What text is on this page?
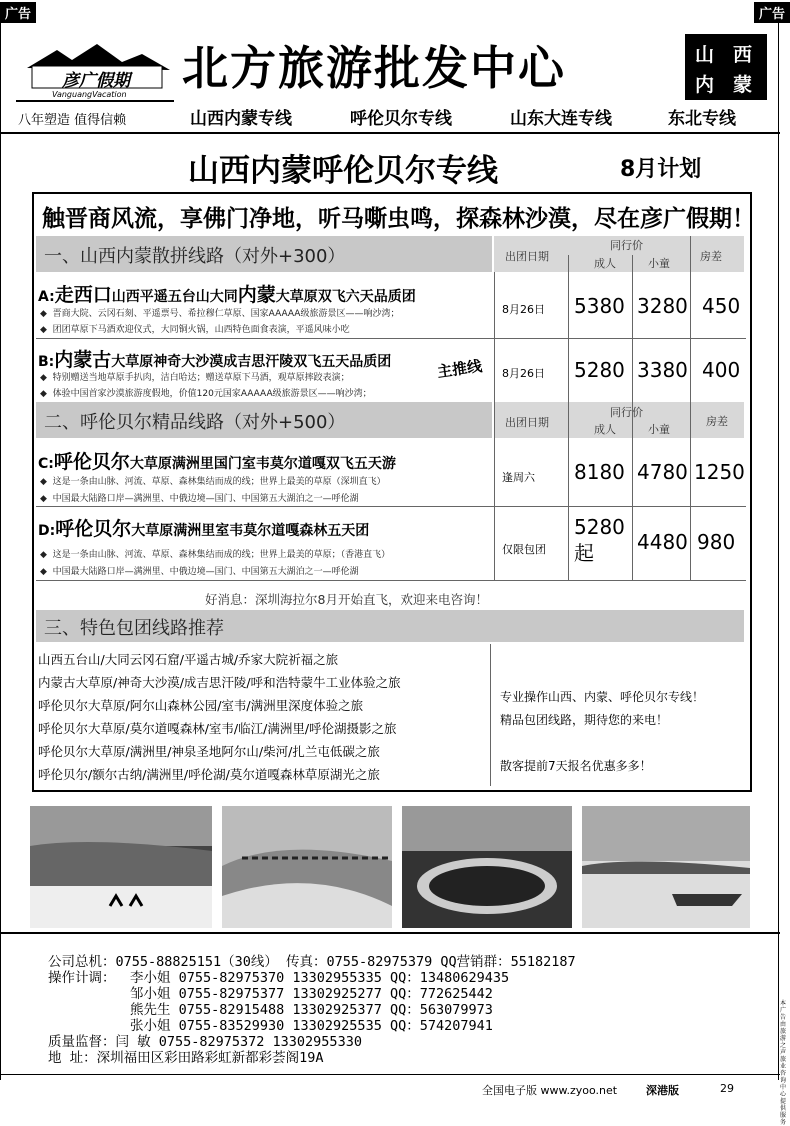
广告	广告
彦广假期
VanguangVacation
八年塑造 值得信赖
北方旅游批发中心	山 西
内 蒙
山西内蒙专线	呼伦贝尔专线	山东大连专线	东北专线
山西内蒙呼伦贝尔专线	8月计划
触晋商风流，享佛门净地，听马嘶虫鸣，探森林沙漠，尽在彦广假期！
一、山西内蒙散拼线路（对外+300）	出团日期
同行价
成人	小童
房差
A:走西口山西平遥五台山大同内蒙大草原双飞六天品质团
◆  晋商大院、云冈石刻、平遥票号、希拉穆仁草原、国家AAAAA级旅游景区——响沙湾；
◆  团团草原下马酒欢迎仪式，大同铜火锅，山西特色面食表演，平遥风味小吃
8月26日 5380 3280 450
B:内蒙古大草原神奇大沙漠成吉思汗陵双飞五天品质团
◆  特别赠送当地草原手扒肉，洁白哈达；赠送草原下马酒，观草原摔跤表演；
◆  体验中国首家沙漠旅游度假地，价值120元国家AAAAA级旅游景区——响沙湾；
主推线 8月26日 5280 3380 400
二、呼伦贝尔精品线路（对外+500）	出团日期
同行价
成人	小童
房差
C:呼伦贝尔大草原满洲里国门室韦莫尔道嘎双飞五天游
◆  这是一条由山脉、河流、草原、森林集结而成的线；世界上最美的草原（深圳直飞）
◆  中国最大陆路口岸—满洲里、中俄边境—国门、中国第五大湖泊之一—呼伦湖
逢周六 8180 4780 1250
D:呼伦贝尔大草原满洲里室韦莫尔道嘎森林五天团
◆  这是一条由山脉、河流、草原、森林集结而成的线；世界上最美的草原；（香港直飞）
◆  中国最大陆路口岸—满洲里、中俄边境—国门、中国第五大湖泊之一—呼伦湖
仅限包团
5280起	4480 980
好消息：深圳海拉尔8月开始直飞，欢迎来电咨询！
三、特色包团线路推荐
山西五台山/大同云冈石窟/平遥古城/乔家大院祈福之旅
内蒙古大草原/神奇大沙漠/成吉思汗陵/呼和浩特蒙牛工业体验之旅
呼伦贝尔大草原/阿尔山森林公园/室韦/满洲里深度体验之旅
呼伦贝尔大草原/莫尔道嘎森林/室韦/临江/满洲里/呼伦湖摄影之旅
呼伦贝尔大草原/满洲里/神泉圣地阿尔山/柴河/扎兰屯低碳之旅
呼伦贝尔/额尔古纳/满洲里/呼伦湖/莫尔道嘎森林草原湖光之旅
专业操作山西、内蒙、呼伦贝尔专线！
精品包团线路，期待您的来电！
散客提前7天报名优惠多多！
公司总机：0755-88825151（30线） 传真：0755-82975379 QQ营销群：55182187
操作计调： 李小姐 0755-82975370 13302955335 QQ：13480629435
邹小姐 0755-82975377 13302925277 QQ：772625442
熊先生 0755-82915488 13302925377 QQ：563079973
张小姐 0755-83529930 13302925535 QQ：574207941
质量监督：闫 敏 0755-82975372 13302955330
地 址：深圳福田区彩田路彩虹新都彩荟阁19A
全国电子版 www.zyoo.net	深港版	29
本广告由旅游之声旅业咨询中心提供服务
